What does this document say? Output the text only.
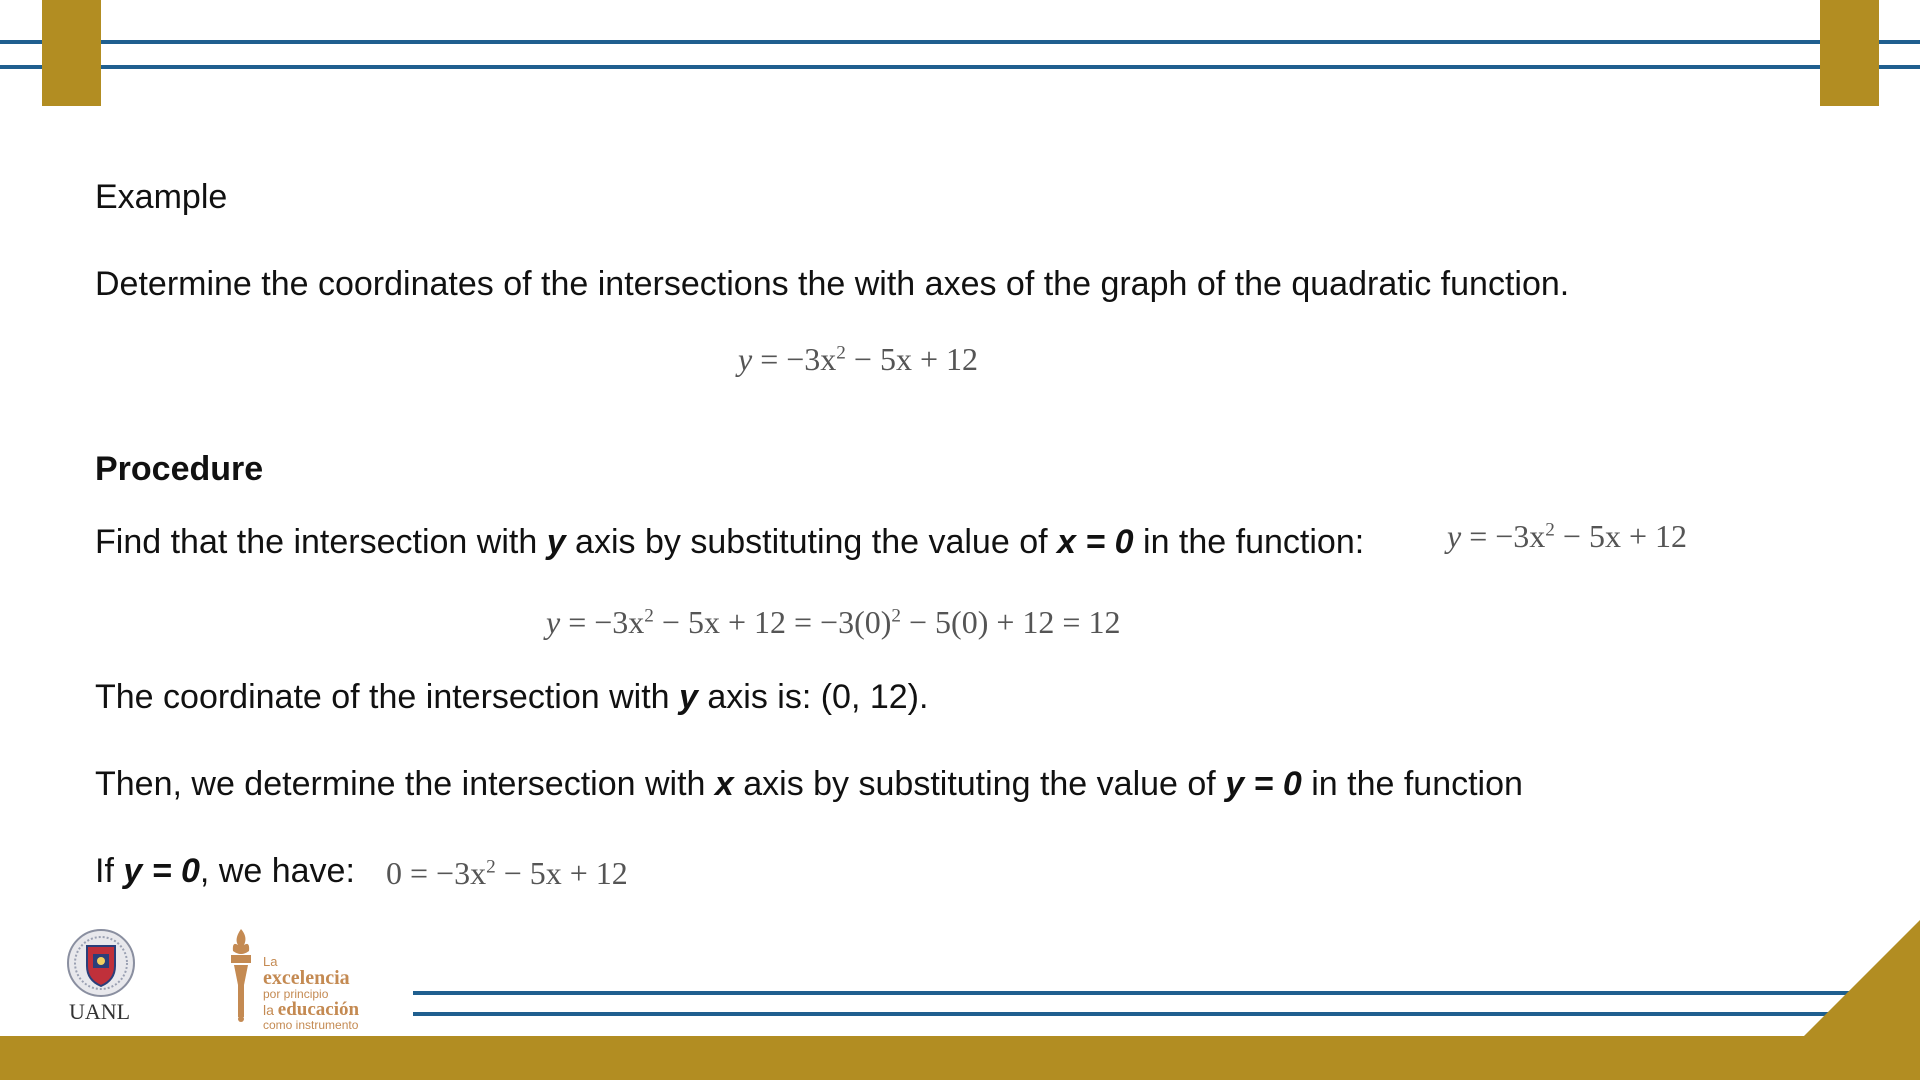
Example
Determine the coordinates of the intersections the with axes of the graph of the quadratic function.
$y = -3x^2 - 5x + 12$
Procedure
Find that the intersection with y axis by substituting the value of x = 0 in the function:	$y = -3x^2 - 5x + 12$
$y = -3x^2 - 5x + 12 = -3(0)^2 - 5(0) + 12 = 12$
The coordinate of the intersection with y axis is: (0, 12).
Then, we determine the intersection with x axis by substituting the value of y = 0 in the function
If y = 0, we have: $0 = -3x^2 - 5x + 12$
UANL
La
excelencia
por principio
la educación
como instrumento
